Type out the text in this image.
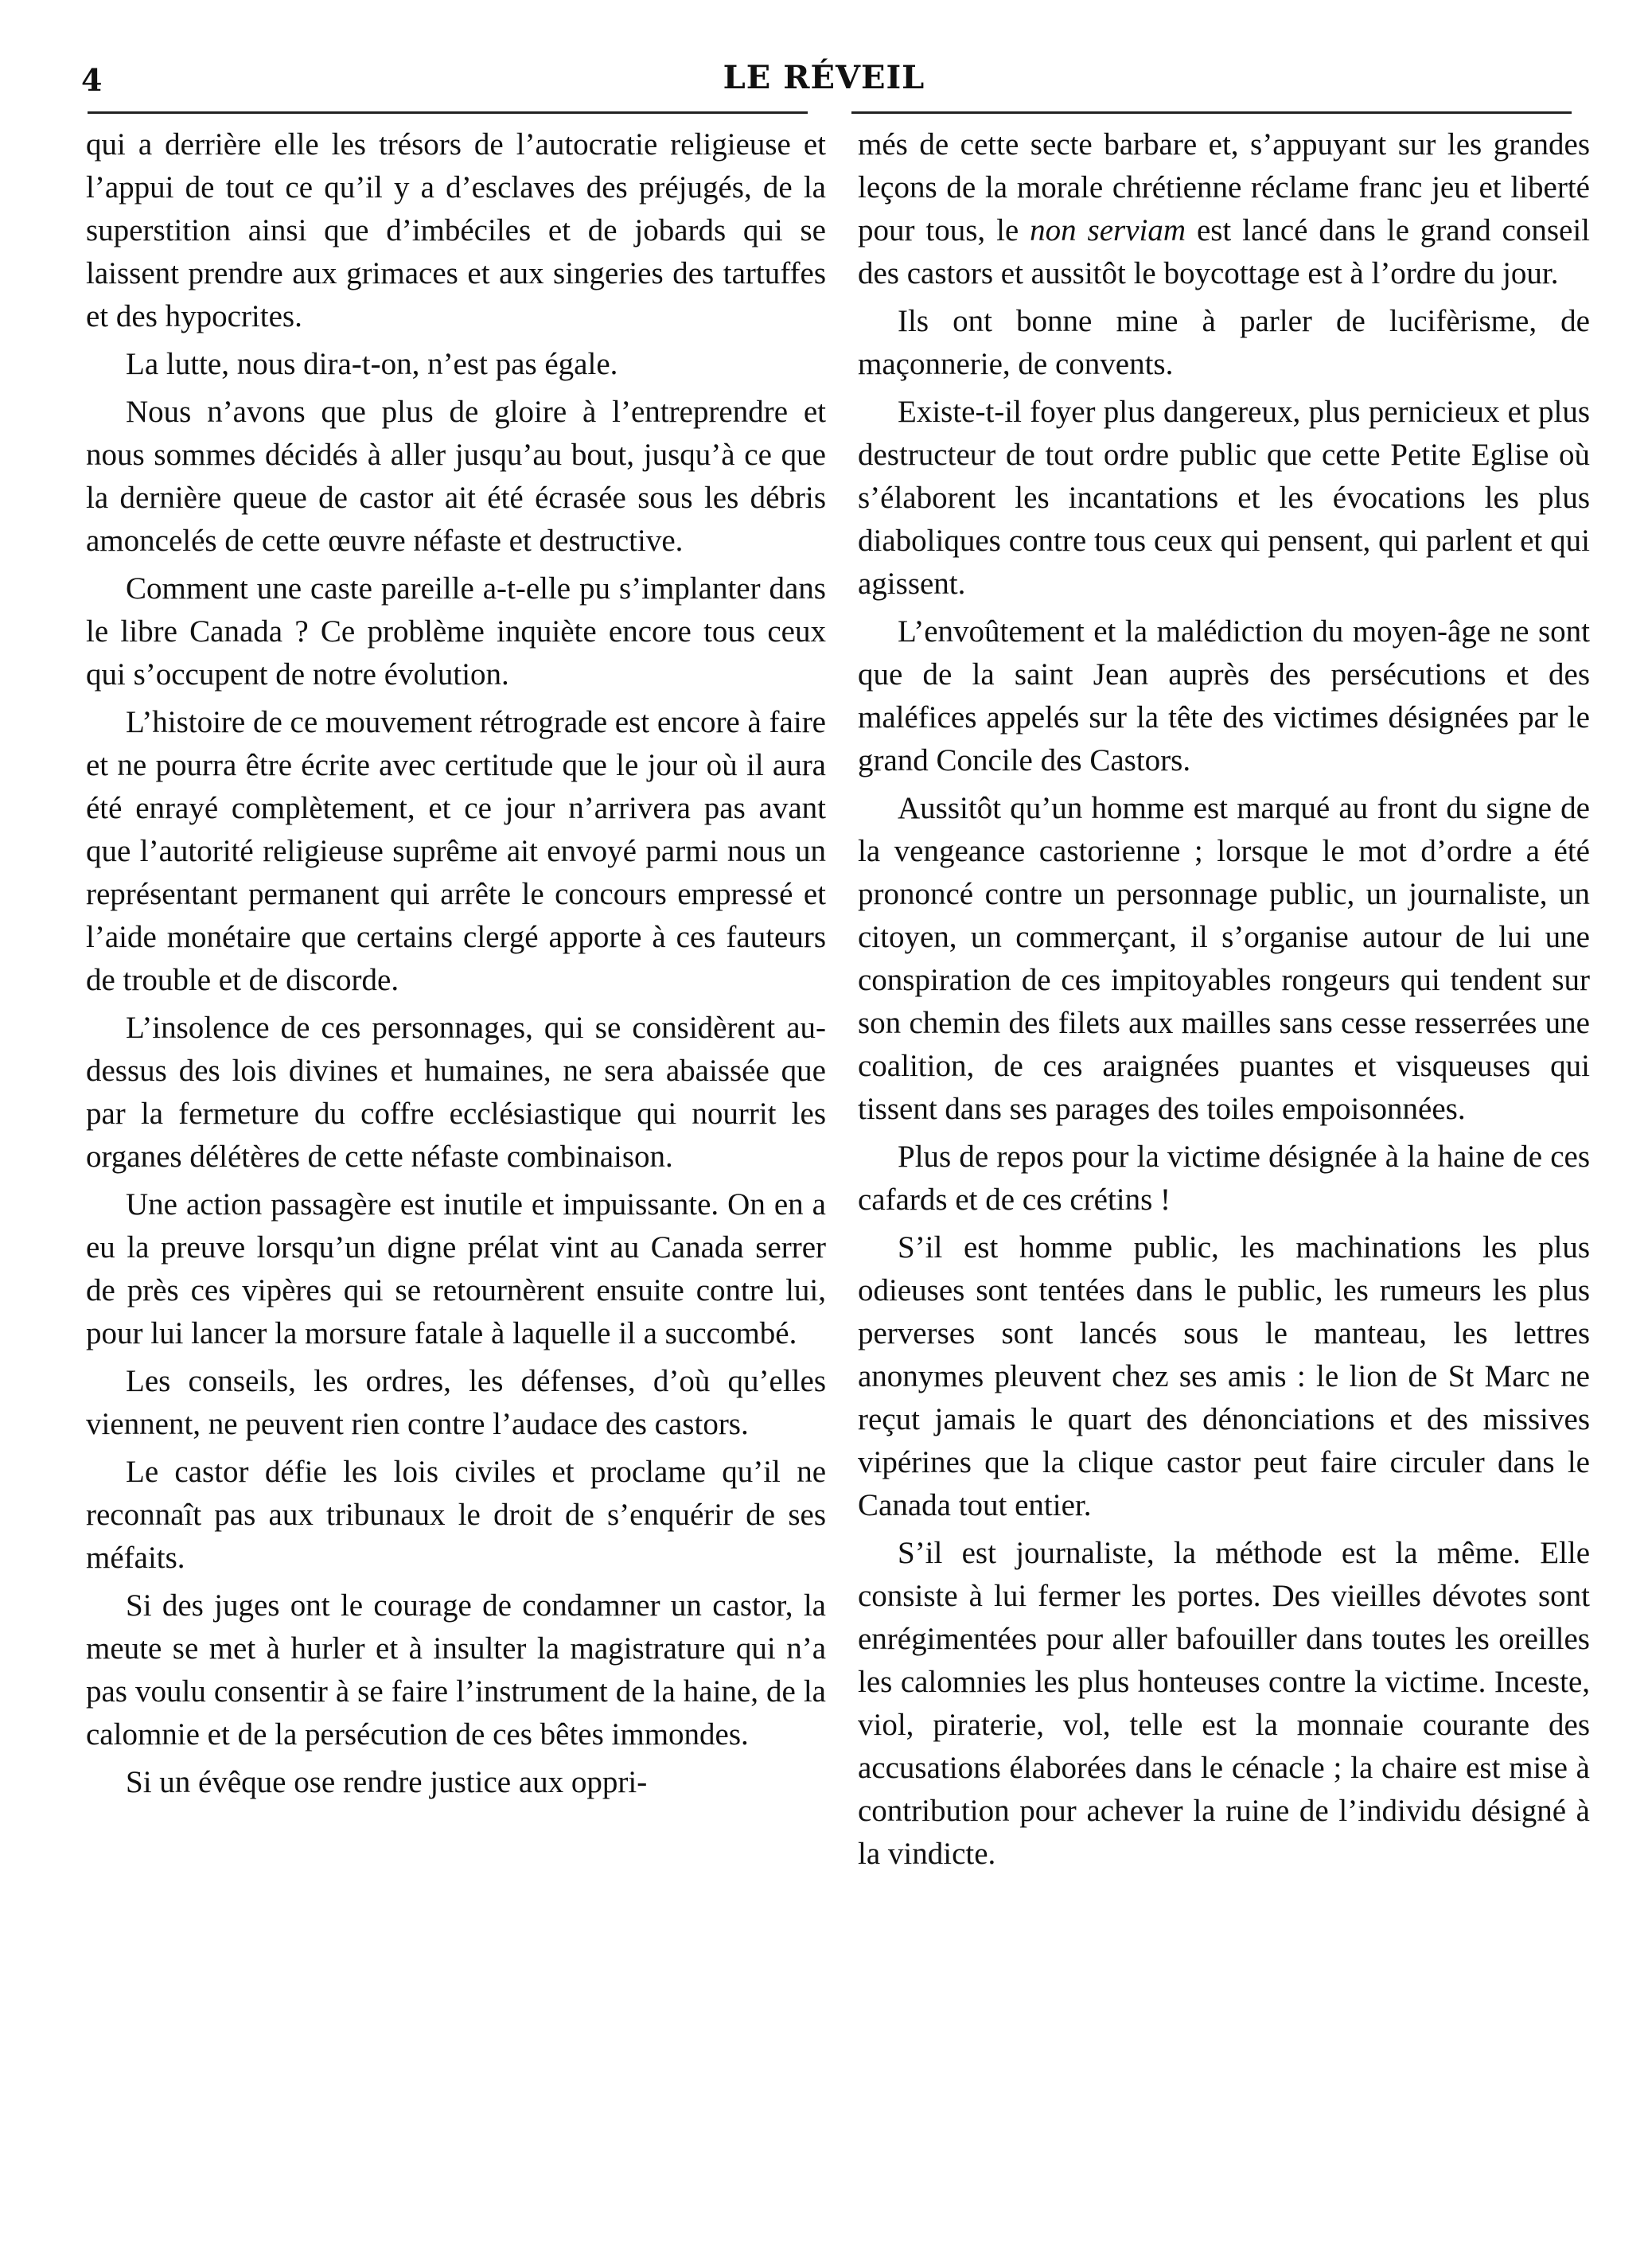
4	LE RÉVEIL

qui a derrière elle les trésors de l’autocratie religieuse et l’appui de tout ce qu’il y a d’esclaves des préjugés, de la superstition ainsi que d’imbéciles et de jobards qui se laissent prendre aux grimaces et aux singeries des tartuffes et des hypocrites.

La lutte, nous dira-t-on, n’est pas égale.

Nous n’avons que plus de gloire à l’entreprendre et nous sommes décidés à aller jusqu’au bout, jusqu’à ce que la dernière queue de castor ait été écrasée sous les débris amoncelés de cette œuvre néfaste et destructive.

Comment une caste pareille a-t-elle pu s’implanter dans le libre Canada ? Ce problème inquiète encore tous ceux qui s’occupent de notre évolution.

L’histoire de ce mouvement rétrograde est encore à faire et ne pourra être écrite avec certitude que le jour où il aura été enrayé complètement, et ce jour n’arrivera pas avant que l’autorité religieuse suprême ait envoyé parmi nous un représentant permanent qui arrête le concours empressé et l’aide monétaire que certains clergé apporte à ces fauteurs de trouble et de discorde.

L’insolence de ces personnages, qui se considèrent au-dessus des lois divines et humaines, ne sera abaissée que par la fermeture du coffre ecclésiastique qui nourrit les organes délétères de cette néfaste combinaison.

Une action passagère est inutile et impuissante. On en a eu la preuve lorsqu’un digne prélat vint au Canada serrer de près ces vipères qui se retournèrent ensuite contre lui, pour lui lancer la morsure fatale à laquelle il a succombé.

Les conseils, les ordres, les défenses, d’où qu’elles viennent, ne peuvent rien contre l’audace des castors.

Le castor défie les lois civiles et proclame qu’il ne reconnaît pas aux tribunaux le droit de s’enquérir de ses méfaits.

Si des juges ont le courage de condamner un castor, la meute se met à hurler et à insulter la magistrature qui n’a pas voulu consentir à se faire l’instrument de la haine, de la calomnie et de la persécution de ces bêtes immondes.

Si un évêque ose rendre justice aux oppri-

més de cette secte barbare et, s’appuyant sur les grandes leçons de la morale chrétienne réclame franc jeu et liberté pour tous, le non serviam est lancé dans le grand conseil des castors et aussitôt le boycottage est à l’ordre du jour.

Ils ont bonne mine à parler de lucifèrisme, de maçonnerie, de convents.

Existe-t-il foyer plus dangereux, plus pernicieux et plus destructeur de tout ordre public que cette Petite Eglise où s’élaborent les incantations et les évocations les plus diaboliques contre tous ceux qui pensent, qui parlent et qui agissent.

L’envoûtement et la malédiction du moyen-âge ne sont que de la saint Jean auprès des persécutions et des maléfices appelés sur la tête des victimes désignées par le grand Concile des Castors.

Aussitôt qu’un homme est marqué au front du signe de la vengeance castorienne ; lorsque le mot d’ordre a été prononcé contre un personnage public, un journaliste, un citoyen, un commerçant, il s’organise autour de lui une conspiration de ces impitoyables rongeurs qui tendent sur son chemin des filets aux mailles sans cesse resserrées une coalition, de ces araignées puantes et visqueuses qui tissent dans ses parages des toiles empoisonnées.

Plus de repos pour la victime désignée à la haine de ces cafards et de ces crétins !

S’il est homme public, les machinations les plus odieuses sont tentées dans le public, les rumeurs les plus perverses sont lancés sous le manteau, les lettres anonymes pleuvent chez ses amis : le lion de St Marc ne reçut jamais le quart des dénonciations et des missives vipérines que la clique castor peut faire circuler dans le Canada tout entier.

S’il est journaliste, la méthode est la même. Elle consiste à lui fermer les portes. Des vieilles dévotes sont enrégimentées pour aller bafouiller dans toutes les oreilles les calomnies les plus honteuses contre la victime. Inceste, viol, piraterie, vol, telle est la monnaie courante des accusations élaborées dans le cénacle ; la chaire est mise à contribution pour achever la ruine de l’individu désigné à la vindicte.
